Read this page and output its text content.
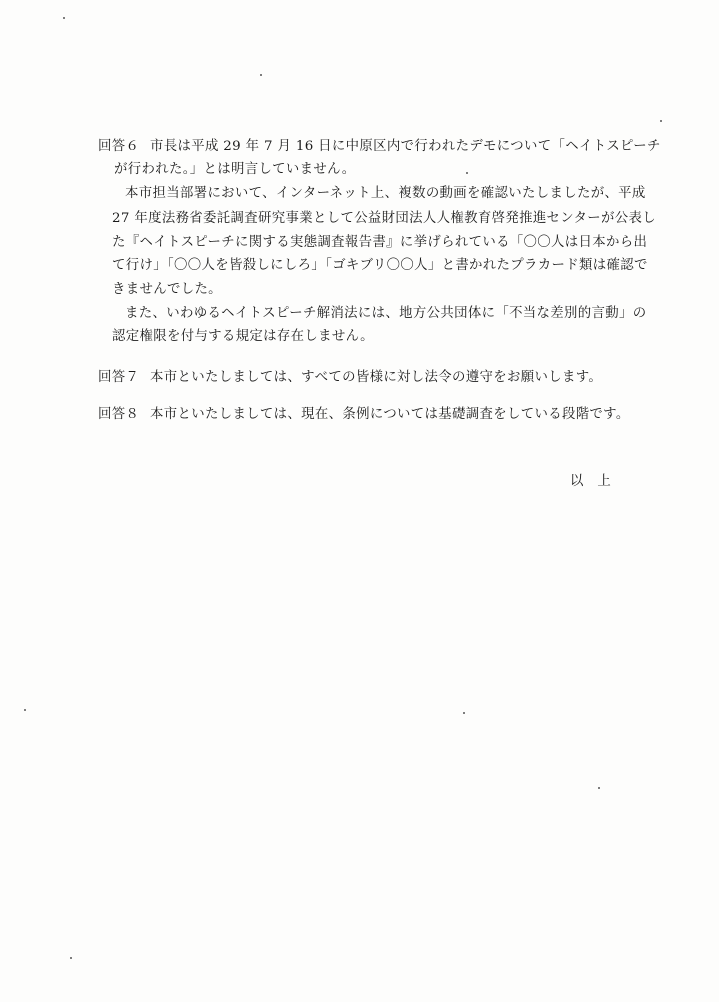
回答６ 市長は平成 29 年 7 月 16 日に中原区内で行われたデモについて「ヘイトスピーチ
が行われた。」とは明言していません。
本市担当部署において、インターネット上、複数の動画を確認いたしましたが、平成
27 年度法務省委託調査研究事業として公益財団法人人権教育啓発推進センターが公表し
た『ヘイトスピーチに関する実態調査報告書』に挙げられている「〇〇人は日本から出
て行け」「〇〇人を皆殺しにしろ」「ゴキブリ〇〇人」と書かれたプラカード類は確認で
きませんでした。
また、いわゆるヘイトスピーチ解消法には、地方公共団体に「不当な差別的言動」の
認定権限を付与する規定は存在しません。
回答７ 本市といたしましては、すべての皆様に対し法令の遵守をお願いします。
回答８ 本市といたしましては、現在、条例については基礎調査をしている段階です。
以上
